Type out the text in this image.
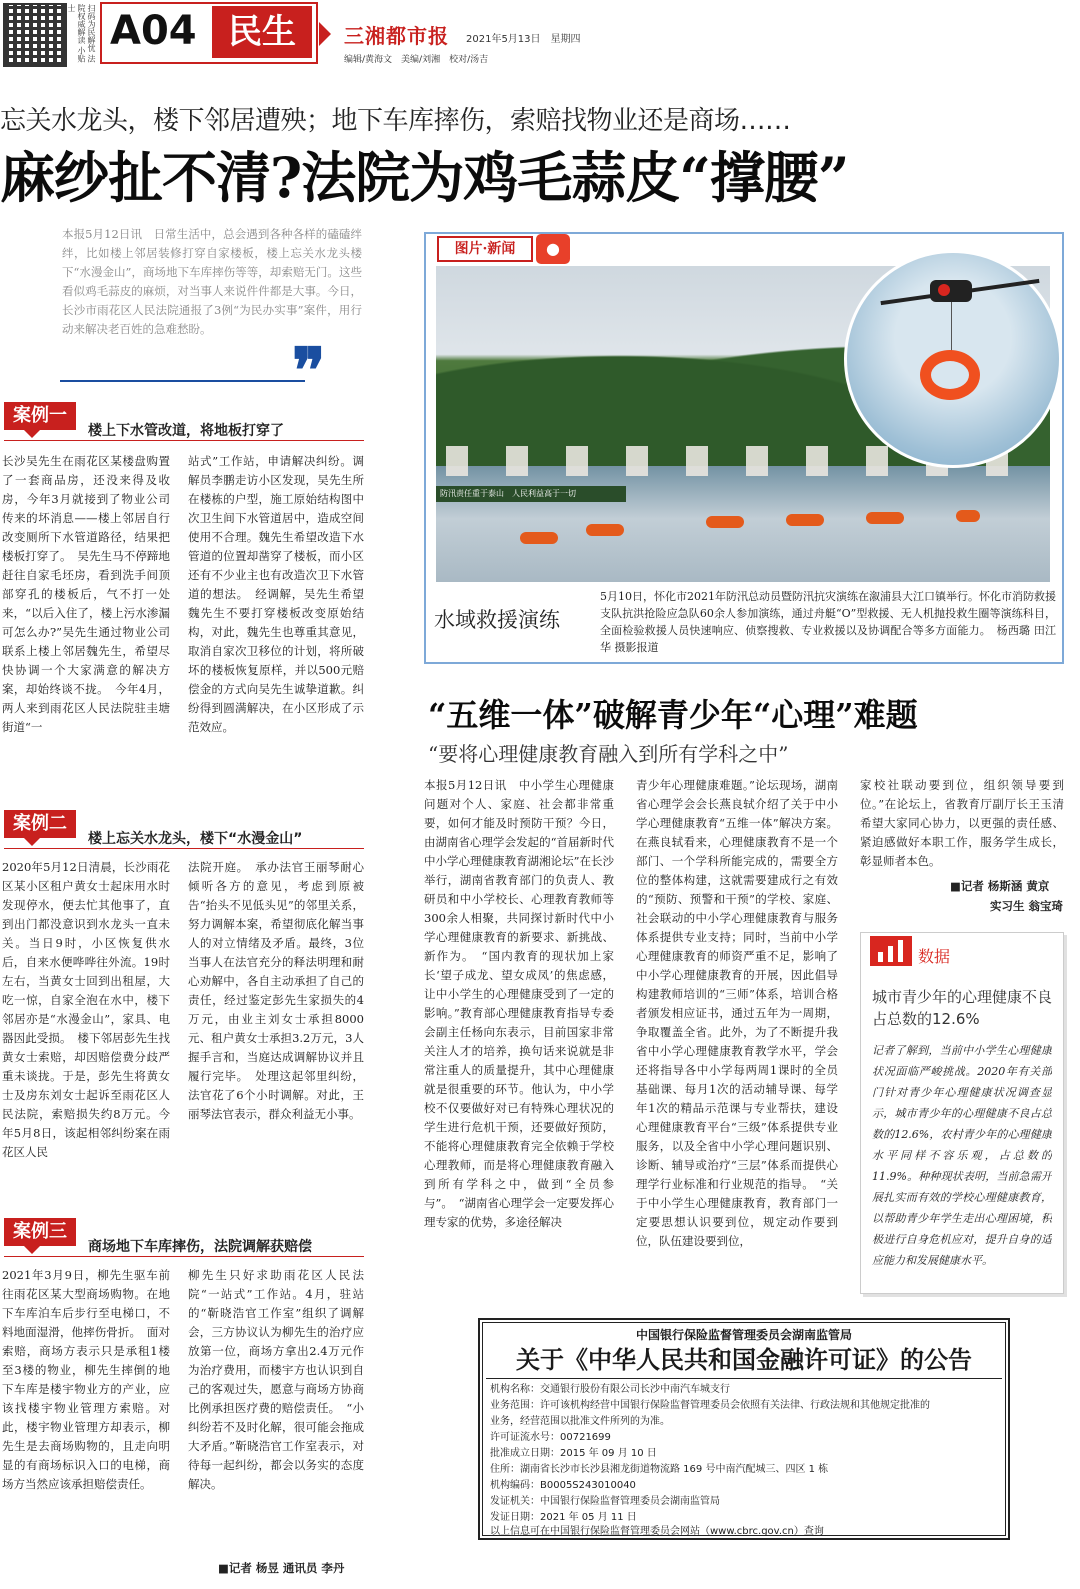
扫码为民解忧 法院权威解读 小贴士 A04 民生	三湘都市报 2021年5月13日　星期四
编辑/黄海文　美编/刘湘　校对/汤吉
忘关水龙头，楼下邻居遭殃；地下车库摔伤，索赔找物业还是商场……
麻纱扯不清?法院为鸡毛蒜皮“撑腰”
本报5月12日讯　日常生活中，总会遇到各种各样的磕磕绊绊，比如楼上邻居装修打穿自家楼板，楼上忘关水龙头楼下“水漫金山”，商场地下车库摔伤等等，却索赔无门。这些看似鸡毛蒜皮的麻烦，对当事人来说件件都是大事。今日，长沙市雨花区人民法院通报了3例“为民办实事”案件，用行动来解决老百姓的急难愁盼。
❞
案例一
楼上下水管改道，将地板打穿了
长沙吴先生在雨花区某楼盘购置了一套商品房，还没来得及收房，今年3月就接到了物业公司传来的坏消息——楼上邻居自行改变厕所下水管道路径，结果把楼板打穿了。　吴先生马不停蹄地赶往自家毛坯房，看到洗手间顶部穿孔的楼板后，气不打一处来，“以后入住了，楼上污水渗漏可怎么办?”吴先生通过物业公司联系上楼上邻居魏先生，希望尽快协调一个大家满意的解决方案，却始终谈不拢。　今年4月，两人来到雨花区人民法院驻圭塘街道“一
站式”工作站，申请解决纠纷。调解员李鹏走访小区发现，吴先生所在楼栋的户型，施工原始结构图中次卫生间下水管道居中，造成空间使用不合理。魏先生希望改造下水管道的位置却凿穿了楼板，而小区还有不少业主也有改造次卫下水管道的想法。　经调解，吴先生希望魏先生不要打穿楼板改变原始结构，对此，魏先生也尊重其意见，取消自家次卫移位的计划，将所破坏的楼板恢复原样，并以500元赔偿金的方式向吴先生诚挚道歉。纠纷得到圆满解决，在小区形成了示范效应。
案例二
楼上忘关水龙头，楼下“水漫金山”
2020年5月12日清晨，长沙雨花区某小区租户黄女士起床用水时发现停水，便去忙其他事了，直到出门都没意识到水龙头一直未关。当日9时，小区恢复供水后，自来水便哗哗往外流。19时左右，当黄女士回到出租屋，大吃一惊，自家全泡在水中，楼下邻居亦是“水漫金山”，家具、电器因此受损。　楼下邻居彭先生找黄女士索赔，却因赔偿费分歧严重未谈拢。于是，彭先生将黄女士及房东刘女士起诉至雨花区人民法院，索赔损失约8万元。今年5月8日，该起相邻纠纷案在雨花区人民
法院开庭。　承办法官王丽琴耐心倾听各方的意见，考虑到原被告“抬头不见低头见”的邻里关系，努力调解本案，希望彻底化解当事人的对立情绪及矛盾。最终，3位当事人在法官充分的释法明理和耐心劝解中，各自主动承担了自己的责任，经过鉴定彭先生家损失的4万元，由业主刘女士承担8000元、租户黄女士承担3.2万元，3人握手言和，当庭达成调解协议并且履行完毕。　处理这起邻里纠纷，法官花了6个小时调解。对此，王丽琴法官表示，群众利益无小事。
案例三
商场地下车库摔伤，法院调解获赔偿
2021年3月9日，柳先生驱车前往雨花区某大型商场购物。在地下车库泊车后步行至电梯口，不料地面湿滑，他摔伤骨折。　面对索赔，商场方表示只是承租1楼至3楼的物业，柳先生摔倒的地下车库是楼宇物业方的产业，应该找楼宇物业管理方索赔。对此，楼宇物业管理方却表示，柳先生是去商场购物的，且走向明显的有商场标识入口的电梯，商场方当然应该承担赔偿责任。
柳先生只好求助雨花区人民法院“一站式”工作站。4月，驻站的“靳晓浩官工作室”组织了调解会，三方协议认为柳先生的治疗应放第一位，商场方拿出2.4万元作为治疗费用，而楼宇方也认识到自己的客观过失，愿意与商场方协商比例承担医疗费的赔偿责任。　“小纠纷若不及时化解，很可能会拖成大矛盾。”靳晓浩官工作室表示，对待每一起纠纷，都会以务实的态度解决。
■记者 杨昱 通讯员 李丹
防汛责任重于泰山　人民利益高于一切
图片·新闻	●
水域救援演练
5月10日，怀化市2021年防汛总动员暨防汛抗灾演练在溆浦县大江口镇举行。怀化市消防救援支队抗洪抢险应急队60余人参加演练，通过舟艇“O”型救援、无人机抛投救生圈等演练科目，全面检验救援人员快速响应、侦察搜救、专业救援以及协调配合等多方面能力。　杨西璐 田江华 摄影报道
“五维一体”破解青少年“心理”难题
“要将心理健康教育融入到所有学科之中”
本报5月12日讯　中小学生心理健康问题对个人、家庭、社会都非常重要，如何才能及时预防干预？今日，由湖南省心理学会发起的“首届新时代中小学心理健康教育湖湘论坛”在长沙举行，湖南省教育部门的负责人、教研员和中小学校长、心理教育教师等300余人相聚，共同探讨新时代中小学心理健康教育的新要求、新挑战、新作为。　“国内教育的现状加上家长‘望子成龙、望女成凤’的焦虑感，让中小学生的心理健康受到了一定的影响。”教育部心理健康教育指导专委会副主任杨向东表示，目前国家非常关注人才的培养，换句话来说就是非常注重人的质量提升，其中心理健康就是很重要的环节。他认为，中小学校不仅要做好对已有特殊心理状况的学生进行危机干预，还要做好预防，不能将心理健康教育完全依赖于学校心理教师，而是将心理健康教育融入到所有学科之中，做到“全员参与”。　“湖南省心理学会一定要发挥心理专家的优势，多途径解决
青少年心理健康难题。”论坛现场，湖南省心理学会会长燕良轼介绍了关于中小学心理健康教育“五维一体”解决方案。在燕良轼看来，心理健康教育不是一个部门、一个学科所能完成的，需要全方位的整体构建，这就需要建成行之有效的“预防、预警和干预”的学校、家庭、社会联动的中小学心理健康教育与服务体系提供专业支持；同时，当前中小学心理健康教育的师资严重不足，影响了中小学心理健康教育的开展，因此倡导构建教师培训的“三师”体系，培训合格者颁发相应证书，通过五年为一周期，争取覆盖全省。此外，为了不断提升我省中小学心理健康教育教学水平，学会还将指导各中小学每两周1课时的全员基础课、每月1次的活动辅导课、每学年1次的精品示范课与专业帮扶，建设心理健康教育平台“三级”体系提供专业服务，以及全省中小学心理问题识别、诊断、辅导或治疗“三层”体系而提供心理学行业标准和行业规范的指导。　“关于中小学生心理健康教育，教育部门一定要思想认识要到位，规定动作要到位，队伍建设要到位，
家校社联动要到位，组织领导要到位。”在论坛上，省教育厅副厅长王玉清希望大家同心协力，以更强的责任感、紧迫感做好本职工作，服务学生成长，彰显师者本色。
■记者 杨斯涵 黄京
实习生 翁宝琦
数据
城市青少年的心理健康不良占总数的12.6%
记者了解到，当前中小学生心理健康状况面临严峻挑战。2020年有关部门针对青少年心理健康状况调查显示，城市青少年的心理健康不良占总数的12.6%，农村青少年的心理健康水平同样不容乐观，占总数的11.9%。种种现状表明，当前急需开展扎实而有效的学校心理健康教育，以帮助青少年学生走出心理困境，积极进行自身危机应对，提升自身的适应能力和发展健康水平。
中国银行保险监督管理委员会湖南监管局
关于《中华人民共和国金融许可证》的公告
机构名称：交通银行股份有限公司长沙中南汽车城支行
业务范围：许可该机构经营中国银行保险监督管理委员会依照有关法律、行政法规和其他规定批准的
业务，经营范围以批准文件所列的为准。
许可证流水号：00721699
批准成立日期：2015 年 09 月 10 日
住所：湖南省长沙市长沙县湘龙街道物流路 169 号中南汽配城三、四区 1 栋
机构编码：B0005S243010040
发证机关：中国银行保险监督管理委员会湖南监管局
发证日期：2021 年 05 月 11 日
以上信息可在中国银行保险监督管理委员会网站（www.cbrc.gov.cn）查询
